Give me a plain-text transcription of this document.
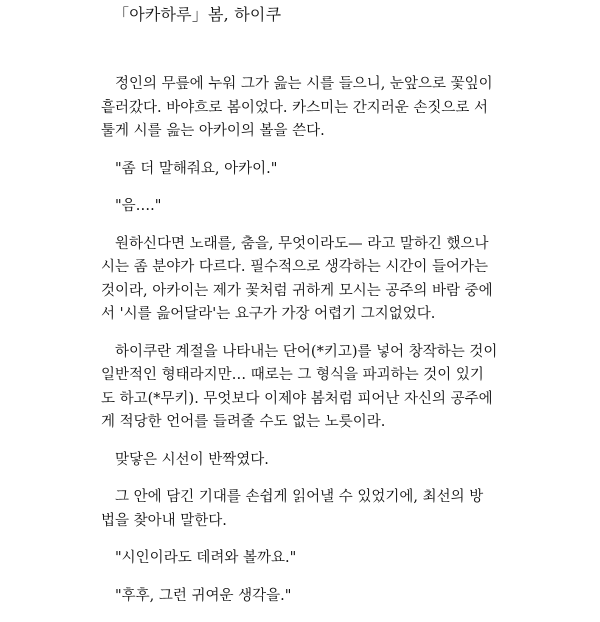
「아카하루」봄, 하이쿠

정인의 무릎에 누워 그가 읊는 시를 들으니, 눈앞으로 꽃잎이
흩러갔다. 바야흐로 봄이었다. 카스미는 간지러운 손짓으로 서
툴게 시를 읊는 아카이의 볼을 쓴다.

"좀 더 말해줘요, 아카이."

"음…."

원하신다면 노래를, 춤을, 무엇이라도— 라고 말하긴 했으나
시는 좀 분야가 다르다. 필수적으로 생각하는 시간이 들어가는
것이라, 아카이는 제가 꽃처럼 귀하게 모시는 공주의 바람 중에
서 '시를 읊어달라'는 요구가 가장 어렵기 그지없었다.

하이쿠란 계절을 나타내는 단어(*키고)를 넣어 창작하는 것이
일반적인 형태라지만… 때로는 그 형식을 파괴하는 것이 있기
도 하고(*무키). 무엇보다 이제야 봄처럼 피어난 자신의 공주에
게 적당한 언어를 들려줄 수도 없는 노릇이라.

맞닿은 시선이 반짝였다.

그 안에 담긴 기대를 손쉽게 읽어낼 수 있었기에, 최선의 방
법을 찾아내 말한다.

"시인이라도 데려와 볼까요."

"후후, 그런 귀여운 생각을."
